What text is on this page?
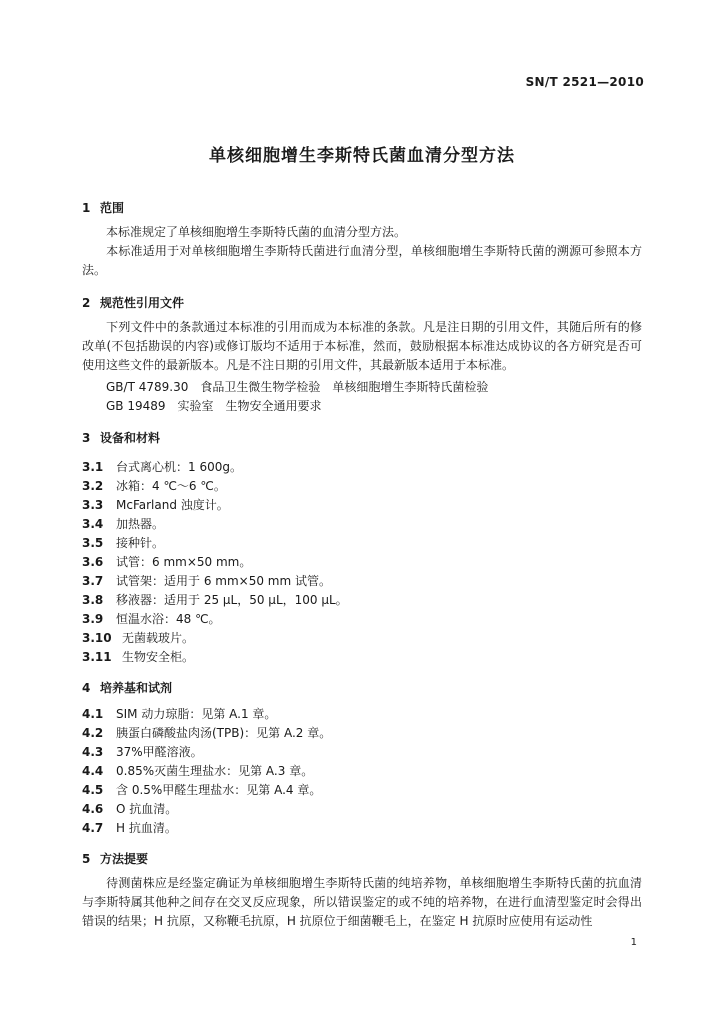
SN/T 2521—2010
单核细胞增生李斯特氏菌血清分型方法
1 范围
本标准规定了单核细胞增生李斯特氏菌的血清分型方法。
本标准适用于对单核细胞增生李斯特氏菌进行血清分型，单核细胞增生李斯特氏菌的溯源可参照本方法。
2 规范性引用文件
下列文件中的条款通过本标准的引用而成为本标准的条款。凡是注日期的引用文件，其随后所有的修改单(不包括勘误的内容)或修订版均不适用于本标准，然而，鼓励根据本标准达成协议的各方研究是否可使用这些文件的最新版本。凡是不注日期的引用文件，其最新版本适用于本标准。
GB/T 4789.30　食品卫生微生物学检验　单核细胞增生李斯特氏菌检验
GB 19489　实验室　生物安全通用要求
3 设备和材料
3.1 台式离心机：1 600g。
3.2 冰箱：4 ℃～6 ℃。
3.3 McFarland 浊度计。
3.4 加热器。
3.5 接种针。
3.6 试管：6 mm×50 mm。
3.7 试管架：适用于 6 mm×50 mm 试管。
3.8 移液器：适用于 25 μL，50 μL，100 μL。
3.9 恒温水浴：48 ℃。
3.10 无菌载玻片。
3.11 生物安全柜。
4 培养基和试剂
4.1 SIM 动力琼脂：见第 A.1 章。
4.2 胰蛋白磷酸盐肉汤(TPB)：见第 A.2 章。
4.3 37%甲醛溶液。
4.4 0.85%灭菌生理盐水：见第 A.3 章。
4.5 含 0.5%甲醛生理盐水：见第 A.4 章。
4.6 O 抗血清。
4.7 H 抗血清。
5 方法提要
待测菌株应是经鉴定确证为单核细胞增生李斯特氏菌的纯培养物，单核细胞增生李斯特氏菌的抗血清与李斯特属其他种之间存在交叉反应现象，所以错误鉴定的或不纯的培养物，在进行血清型鉴定时会得出错误的结果；H 抗原，又称鞭毛抗原，H 抗原位于细菌鞭毛上，在鉴定 H 抗原时应使用有运动性
1
